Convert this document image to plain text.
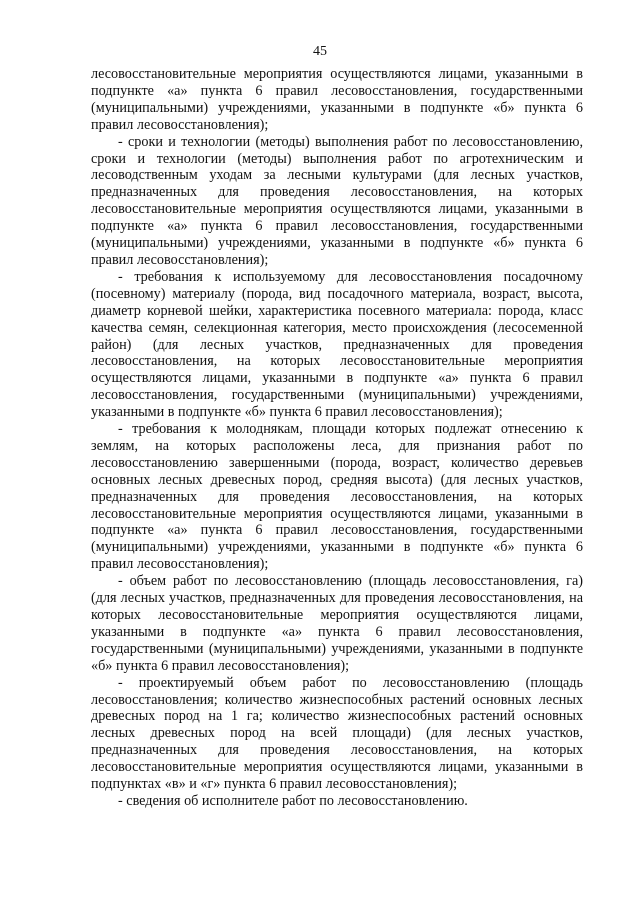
45

лесовосстановительные мероприятия осуществляются лицами, указанными в подпункте «а» пункта 6 правил лесовосстановления, государственными (муниципальными) учреждениями, указанными в подпункте «б» пункта 6 правил лесовосстановления);

- сроки и технологии (методы) выполнения работ по лесовосстановлению, сроки и технологии (методы) выполнения работ по агротехническим и лесоводственным уходам за лесными культурами (для лесных участков, предназначенных для проведения лесовосстановления, на которых лесовосстановительные мероприятия осуществляются лицами, указанными в подпункте «а» пункта 6 правил лесовосстановления, государственными (муниципальными) учреждениями, указанными в подпункте «б» пункта 6 правил лесовосстановления);

- требования к используемому для лесовосстановления посадочному (посевному) материалу (порода, вид посадочного материала, возраст, высота, диаметр корневой шейки, характеристика посевного материала: порода, класс качества семян, селекционная категория, место происхождения (лесосеменной район) (для лесных участков, предназначенных для проведения лесовосстановления, на которых лесовосстановительные мероприятия осуществляются лицами, указанными в подпункте «а» пункта 6 правил лесовосстановления, государственными (муниципальными) учреждениями, указанными в подпункте «б» пункта 6 правил лесовосстановления);

- требования к молоднякам, площади которых подлежат отнесению к землям, на которых расположены леса, для признания работ по лесовосстановлению завершенными (порода, возраст, количество деревьев основных лесных древесных пород, средняя высота) (для лесных участков, предназначенных для проведения лесовосстановления, на которых лесовосстановительные мероприятия осуществляются лицами, указанными в подпункте «а» пункта 6 правил лесовосстановления, государственными (муниципальными) учреждениями, указанными в подпункте «б» пункта 6 правил лесовосстановления);

- объем работ по лесовосстановлению (площадь лесовосстановления, га) (для лесных участков, предназначенных для проведения лесовосстановления, на которых лесовосстановительные мероприятия осуществляются лицами, указанными в подпункте «а» пункта 6 правил лесовосстановления, государственными (муниципальными) учреждениями, указанными в подпункте «б» пункта 6 правил лесовосстановления);

- проектируемый объем работ по лесовосстановлению (площадь лесовосстановления; количество жизнеспособных растений основных лесных древесных пород на 1 га; количество жизнеспособных растений основных лесных древесных пород на всей площади) (для лесных участков, предназначенных для проведения лесовосстановления, на которых лесовосстановительные мероприятия осуществляются лицами, указанными в подпунктах «в» и «г» пункта 6 правил лесовосстановления);

- сведения об исполнителе работ по лесовосстановлению.
